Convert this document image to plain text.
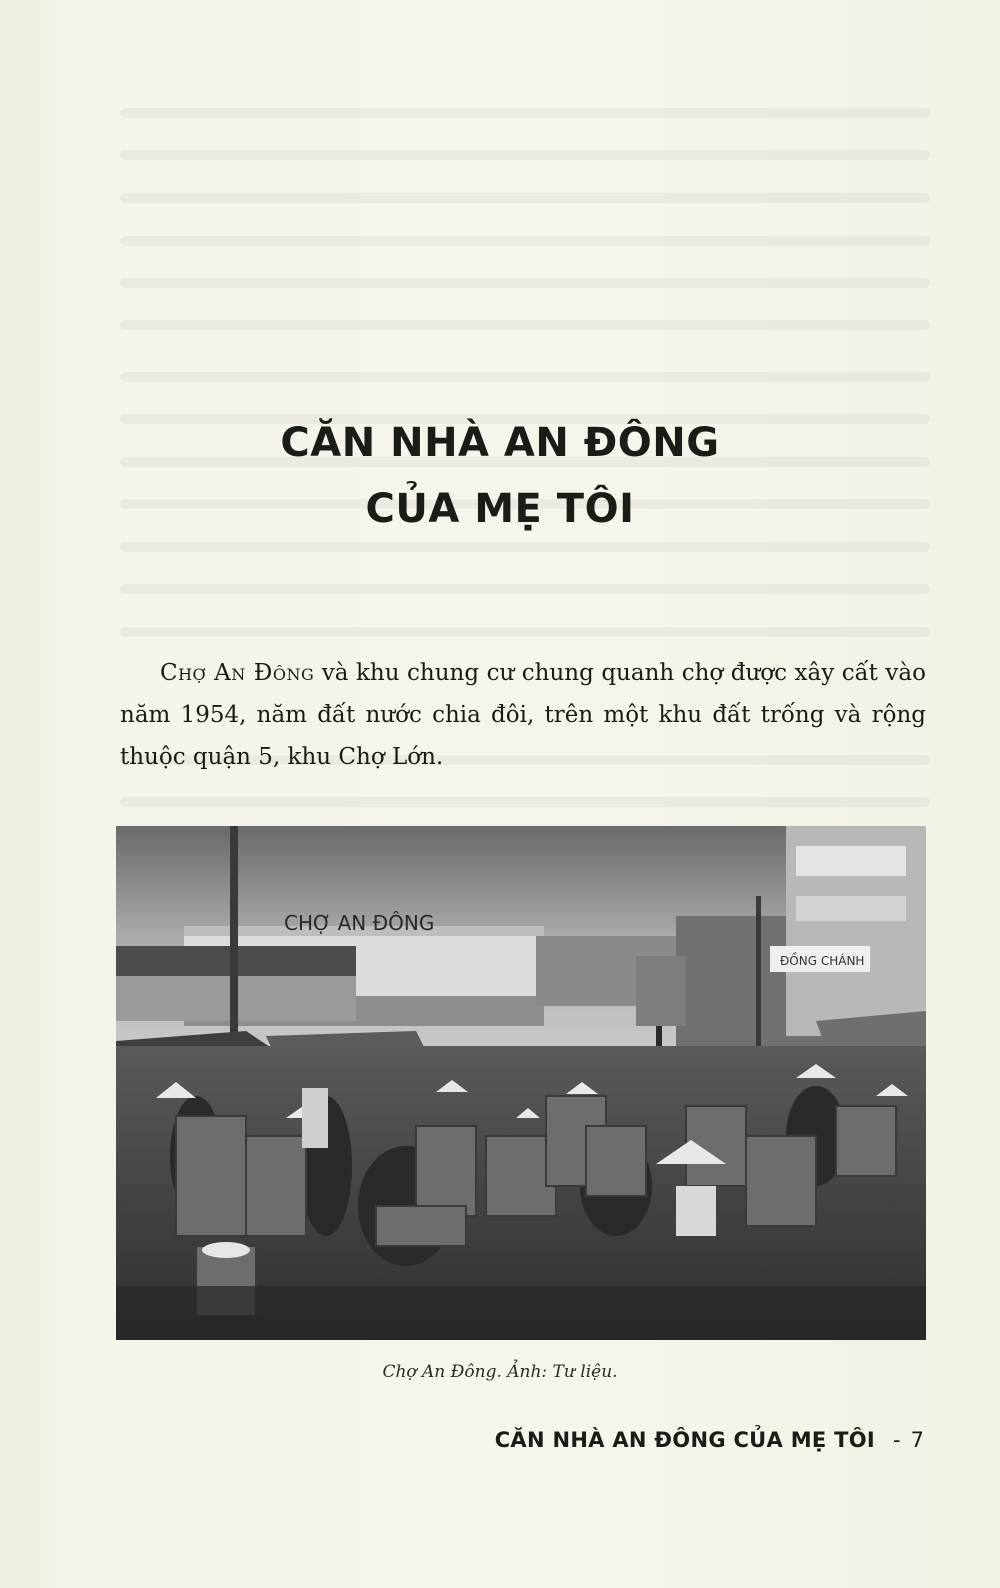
CĂN NHÀ AN ĐÔNG
CỦA MẸ TÔI
Chợ An Đông và khu chung cư chung quanh chợ được xây cất vào năm 1954, năm đất nước chia đôi, trên một khu đất trống và rộng thuộc quận 5, khu Chợ Lớn.
CHỢ AN ĐÔNG
ĐỒNG CHÁNH
Chợ An Đông. Ảnh: Tư liệu.
CĂN NHÀ AN ĐÔNG CỦA MẸ TÔI - 7
